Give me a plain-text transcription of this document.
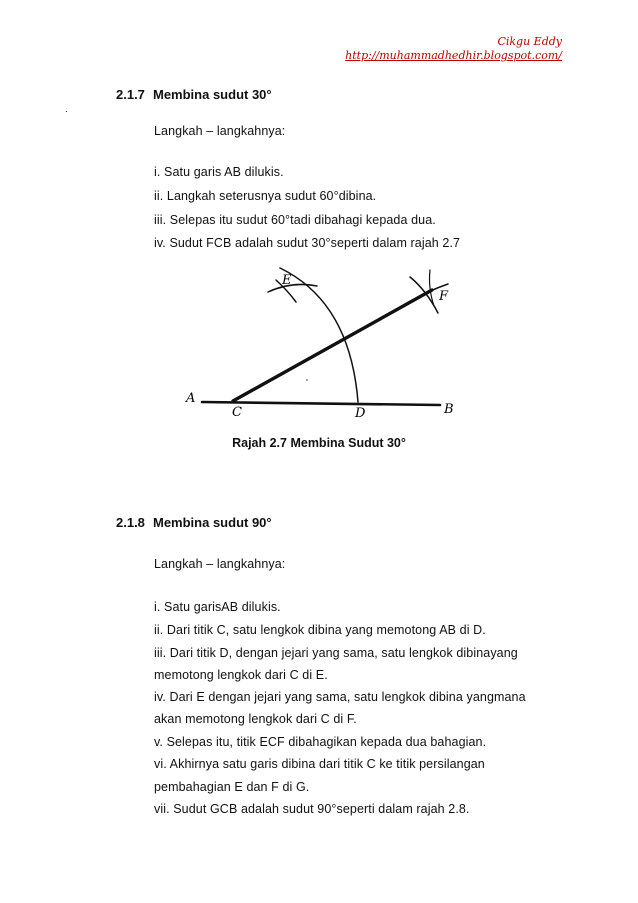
Cikgu Eddy
http://muhammadhedhir.blogspot.com/
2.1.7 Membina sudut 30°
.
Langkah – langkahnya:
i. Satu garis AB dilukis.
ii. Langkah seterusnya sudut 60°dibina.
iii. Selepas itu sudut 60°tadi dibahagi kepada dua.
iv. Sudut FCB adalah sudut 30°seperti dalam rajah 2.7
A
C	D	B
E
F
Rajah 2.7 Membina Sudut 30°
2.1.8 Membina sudut 90°
Langkah – langkahnya:
i. Satu garisAB dilukis.
ii. Dari titik C, satu lengkok dibina yang memotong AB di D.
iii. Dari titik D, dengan jejari yang sama, satu lengkok dibinayang
memotong lengkok dari C di E.
iv. Dari E dengan jejari yang sama, satu lengkok dibina yangmana
akan memotong lengkok dari C di F.
v. Selepas itu, titik ECF dibahagikan kepada dua bahagian.
vi. Akhirnya satu garis dibina dari titik C ke titik persilangan
pembahagian E dan F di G.
vii. Sudut GCB adalah sudut 90°seperti dalam rajah 2.8.
